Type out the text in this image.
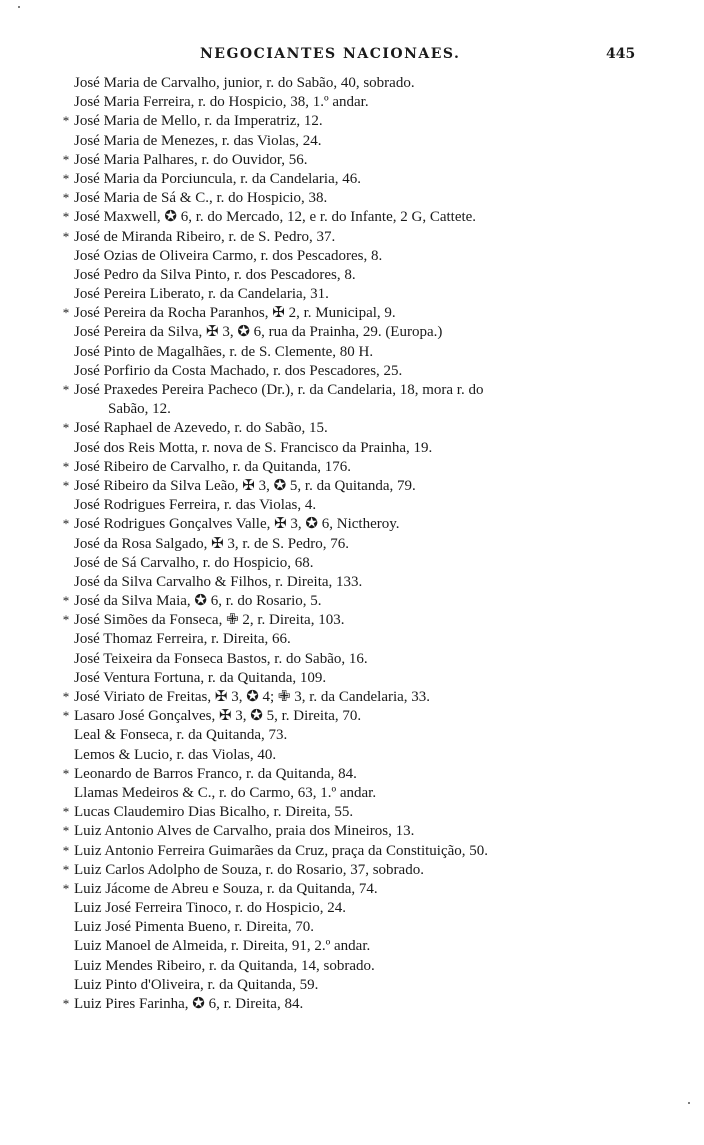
NEGOCIANTES NACIONAES.	445
José Maria de Carvalho, junior, r. do Sabão, 40, sobrado.
José Maria Ferreira, r. do Hospicio, 38, 1.º andar.
* José Maria de Mello, r. da Imperatriz, 12.
José Maria de Menezes, r. das Violas, 24.
* José Maria Palhares, r. do Ouvidor, 56.
* José Maria da Porciuncula, r. da Candelaria, 46.
* José Maria de Sá & C., r. do Hospicio, 38.
* José Maxwell, ✪ 6, r. do Mercado, 12, e r. do Infante, 2 G, Cattete.
* José de Miranda Ribeiro, r. de S. Pedro, 37.
José Ozias de Oliveira Carmo, r. dos Pescadores, 8.
José Pedro da Silva Pinto, r. dos Pescadores, 8.
José Pereira Liberato, r. da Candelaria, 31.
* José Pereira da Rocha Paranhos, ✠ 2, r. Municipal, 9.
José Pereira da Silva, ✠ 3, ✪ 6, rua da Prainha, 29. (Europa.)
José Pinto de Magalhães, r. de S. Clemente, 80 H.
José Porfirio da Costa Machado, r. dos Pescadores, 25.
* José Praxedes Pereira Pacheco (Dr.), r. da Candelaria, 18, mora r. do
Sabão, 12.
* José Raphael de Azevedo, r. do Sabão, 15.
José dos Reis Motta, r. nova de S. Francisco da Prainha, 19.
* José Ribeiro de Carvalho, r. da Quitanda, 176.
* José Ribeiro da Silva Leão, ✠ 3, ✪ 5, r. da Quitanda, 79.
José Rodrigues Ferreira, r. das Violas, 4.
* José Rodrigues Gonçalves Valle, ✠ 3, ✪ 6, Nictheroy.
José da Rosa Salgado, ✠ 3, r. de S. Pedro, 76.
José de Sá Carvalho, r. do Hospicio, 68.
José da Silva Carvalho & Filhos, r. Direita, 133.
* José da Silva Maia, ✪ 6, r. do Rosario, 5.
* José Simões da Fonseca, ✙ 2, r. Direita, 103.
José Thomaz Ferreira, r. Direita, 66.
José Teixeira da Fonseca Bastos, r. do Sabão, 16.
José Ventura Fortuna, r. da Quitanda, 109.
* José Viriato de Freitas, ✠ 3, ✪ 4; ✙ 3, r. da Candelaria, 33.
* Lasaro José Gonçalves, ✠ 3, ✪ 5, r. Direita, 70.
Leal & Fonseca, r. da Quitanda, 73.
Lemos & Lucio, r. das Violas, 40.
* Leonardo de Barros Franco, r. da Quitanda, 84.
Llamas Medeiros & C., r. do Carmo, 63, 1.º andar.
* Lucas Claudemiro Dias Bicalho, r. Direita, 55.
* Luiz Antonio Alves de Carvalho, praia dos Mineiros, 13.
* Luiz Antonio Ferreira Guimarães da Cruz, praça da Constituição, 50.
* Luiz Carlos Adolpho de Souza, r. do Rosario, 37, sobrado.
* Luiz Jácome de Abreu e Souza, r. da Quitanda, 74.
Luiz José Ferreira Tinoco, r. do Hospicio, 24.
Luiz José Pimenta Bueno, r. Direita, 70.
Luiz Manoel de Almeida, r. Direita, 91, 2.º andar.
Luiz Mendes Ribeiro, r. da Quitanda, 14, sobrado.
Luiz Pinto d'Oliveira, r. da Quitanda, 59.
* Luiz Pires Farinha, ✪ 6, r. Direita, 84.
